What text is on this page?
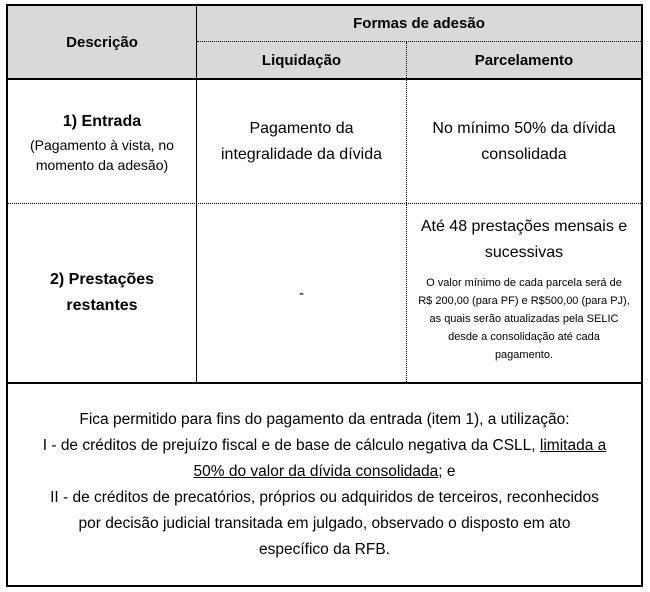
Descrição
Formas de adesão
Liquidação	Parcelamento
1) Entrada
(Pagamento à vista, no
momento da adesão)
Pagamento da
integralidade da dívida
No mínimo 50% da dívida
consolidada
2) Prestações
restantes
-
Até 48 prestações mensais e
sucessivas
O valor mínimo de cada parcela será de
R$ 200,00 (para PF) e R$500,00 (para PJ),
as quais serão atualizadas pela SELIC
desde a consolidação até cada
pagamento.
Fica permitido para fins do pagamento da entrada (item 1), a utilização:
I - de créditos de prejuízo fiscal e de base de cálculo negativa da CSLL, limitada a
50% do valor da dívida consolidada; e
II - de créditos de precatórios, próprios ou adquiridos de terceiros, reconhecidos
por decisão judicial transitada em julgado, observado o disposto em ato
específico da RFB.
